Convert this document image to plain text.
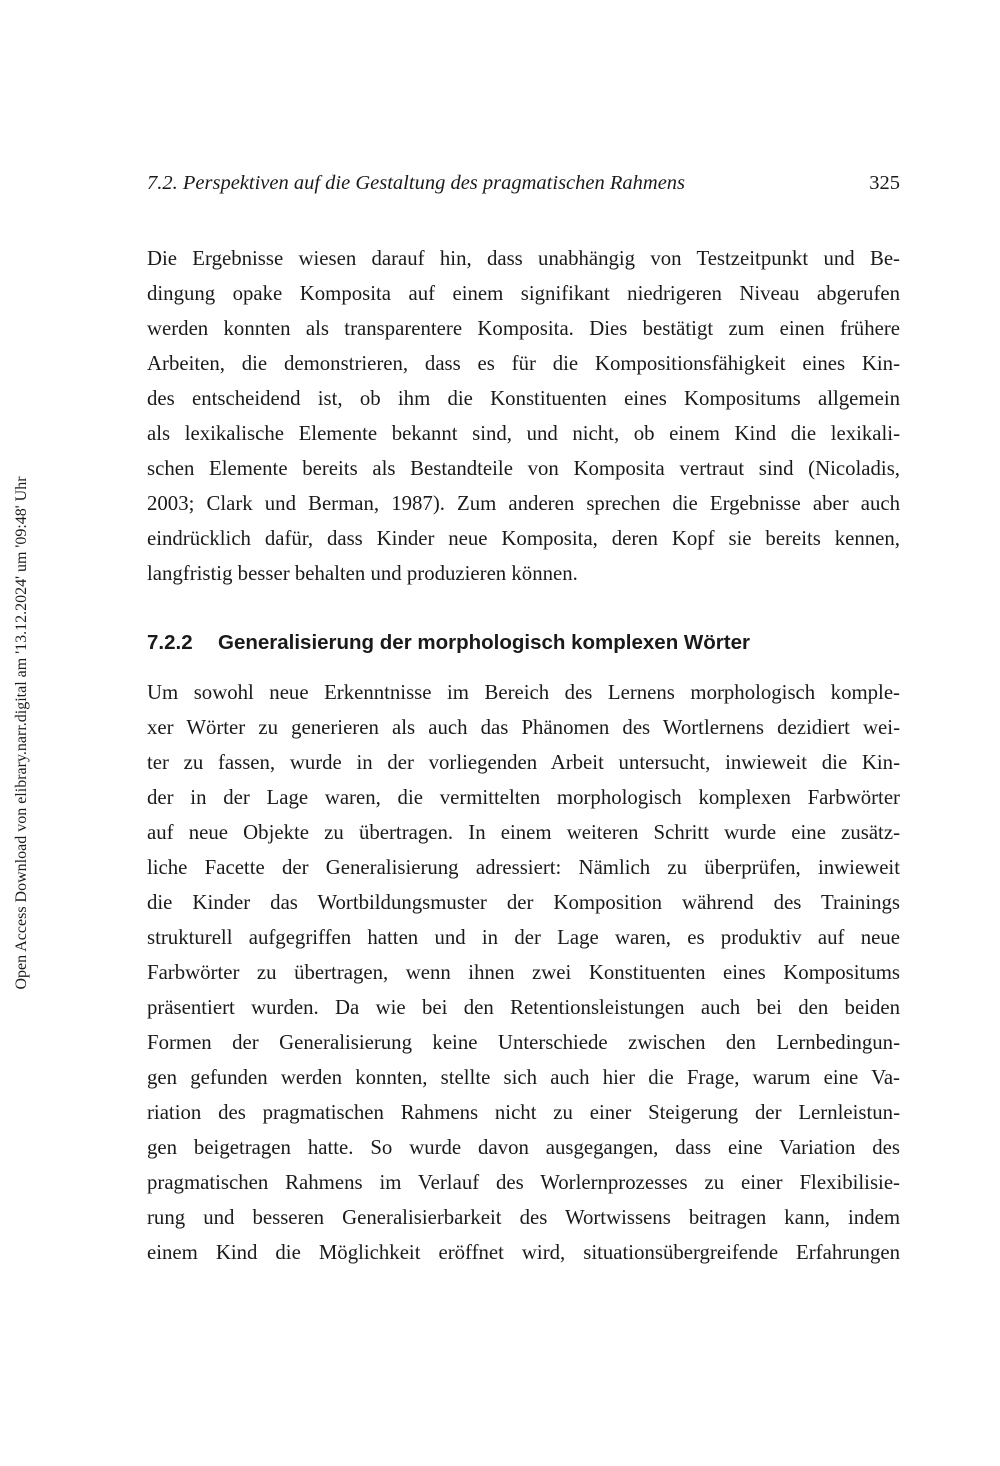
7.2. Perspektiven auf die Gestaltung des pragmatischen Rahmens	325
Open Access Download von elibrary.narr.digital am '13.12.2024' um '09:48' Uhr
Die Ergebnisse wiesen darauf hin, dass unabhängig von Testzeitpunkt und Be-
dingung opake Komposita auf einem signifikant niedrigeren Niveau abgerufen
werden konnten als transparentere Komposita. Dies bestätigt zum einen frühere
Arbeiten, die demonstrieren, dass es für die Kompositionsfähigkeit eines Kin-
des entscheidend ist, ob ihm die Konstituenten eines Kompositums allgemein
als lexikalische Elemente bekannt sind, und nicht, ob einem Kind die lexikali-
schen Elemente bereits als Bestandteile von Komposita vertraut sind (Nicoladis,
2003; Clark und Berman, 1987). Zum anderen sprechen die Ergebnisse aber auch
eindrücklich dafür, dass Kinder neue Komposita, deren Kopf sie bereits kennen,
langfristig besser behalten und produzieren können.
7.2.2 Generalisierung der morphologisch komplexen Wörter
Um sowohl neue Erkenntnisse im Bereich des Lernens morphologisch komple-
xer Wörter zu generieren als auch das Phänomen des Wortlernens dezidiert wei-
ter zu fassen, wurde in der vorliegenden Arbeit untersucht, inwieweit die Kin-
der in der Lage waren, die vermittelten morphologisch komplexen Farbwörter
auf neue Objekte zu übertragen. In einem weiteren Schritt wurde eine zusätz-
liche Facette der Generalisierung adressiert: Nämlich zu überprüfen, inwieweit
die Kinder das Wortbildungsmuster der Komposition während des Trainings
strukturell aufgegriffen hatten und in der Lage waren, es produktiv auf neue
Farbwörter zu übertragen, wenn ihnen zwei Konstituenten eines Kompositums
präsentiert wurden. Da wie bei den Retentionsleistungen auch bei den beiden
Formen der Generalisierung keine Unterschiede zwischen den Lernbedingun-
gen gefunden werden konnten, stellte sich auch hier die Frage, warum eine Va-
riation des pragmatischen Rahmens nicht zu einer Steigerung der Lernleistun-
gen beigetragen hatte. So wurde davon ausgegangen, dass eine Variation des
pragmatischen Rahmens im Verlauf des Worlernprozesses zu einer Flexibilisie-
rung und besseren Generalisierbarkeit des Wortwissens beitragen kann, indem
einem Kind die Möglichkeit eröffnet wird, situationsübergreifende Erfahrungen
